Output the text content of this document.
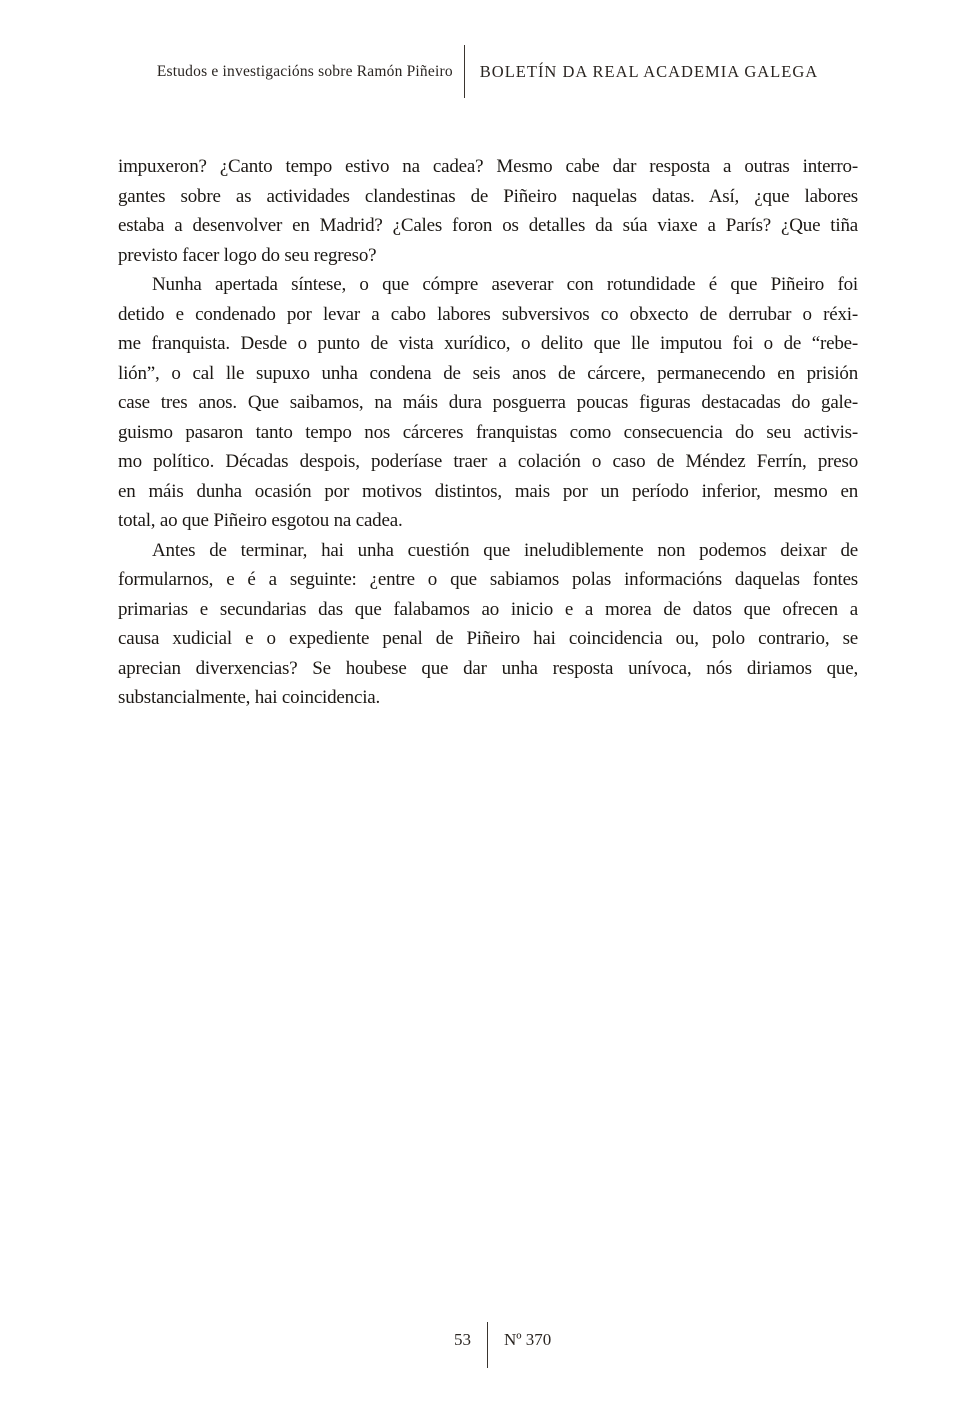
Estudos e investigacións sobre Ramón Piñeiro	BOLETÍN DA REAL ACADEMIA GALEGA
impuxeron? ¿Canto tempo estivo na cadea? Mesmo cabe dar resposta a outras interro-
gantes sobre as actividades clandestinas de Piñeiro naquelas datas. Así, ¿que labores
estaba a desenvolver en Madrid? ¿Cales foron os detalles da súa viaxe a París? ¿Que tiña
previsto facer logo do seu regreso?
Nunha apertada síntese, o que cómpre aseverar con rotundidade é que Piñeiro foi
detido e condenado por levar a cabo labores subversivos co obxecto de derrubar o réxi-
me franquista. Desde o punto de vista xurídico, o delito que lle imputou foi o de “rebe-
lión”, o cal lle supuxo unha condena de seis anos de cárcere, permanecendo en prisión
case tres anos. Que saibamos, na máis dura posguerra poucas figuras destacadas do gale-
guismo pasaron tanto tempo nos cárceres franquistas como consecuencia do seu activis-
mo político. Décadas despois, poderíase traer a colación o caso de Méndez Ferrín, preso
en máis dunha ocasión por motivos distintos, mais por un período inferior, mesmo en
total, ao que Piñeiro esgotou na cadea.
Antes de terminar, hai unha cuestión que ineludiblemente non podemos deixar de
formularnos, e é a seguinte: ¿entre o que sabiamos polas informacións daquelas fontes
primarias e secundarias das que falabamos ao inicio e a morea de datos que ofrecen a
causa xudicial e o expediente penal de Piñeiro hai coincidencia ou, polo contrario, se
aprecian diverxencias? Se houbese que dar unha resposta unívoca, nós diriamos que,
substancialmente, hai coincidencia.
53	Nº 370
